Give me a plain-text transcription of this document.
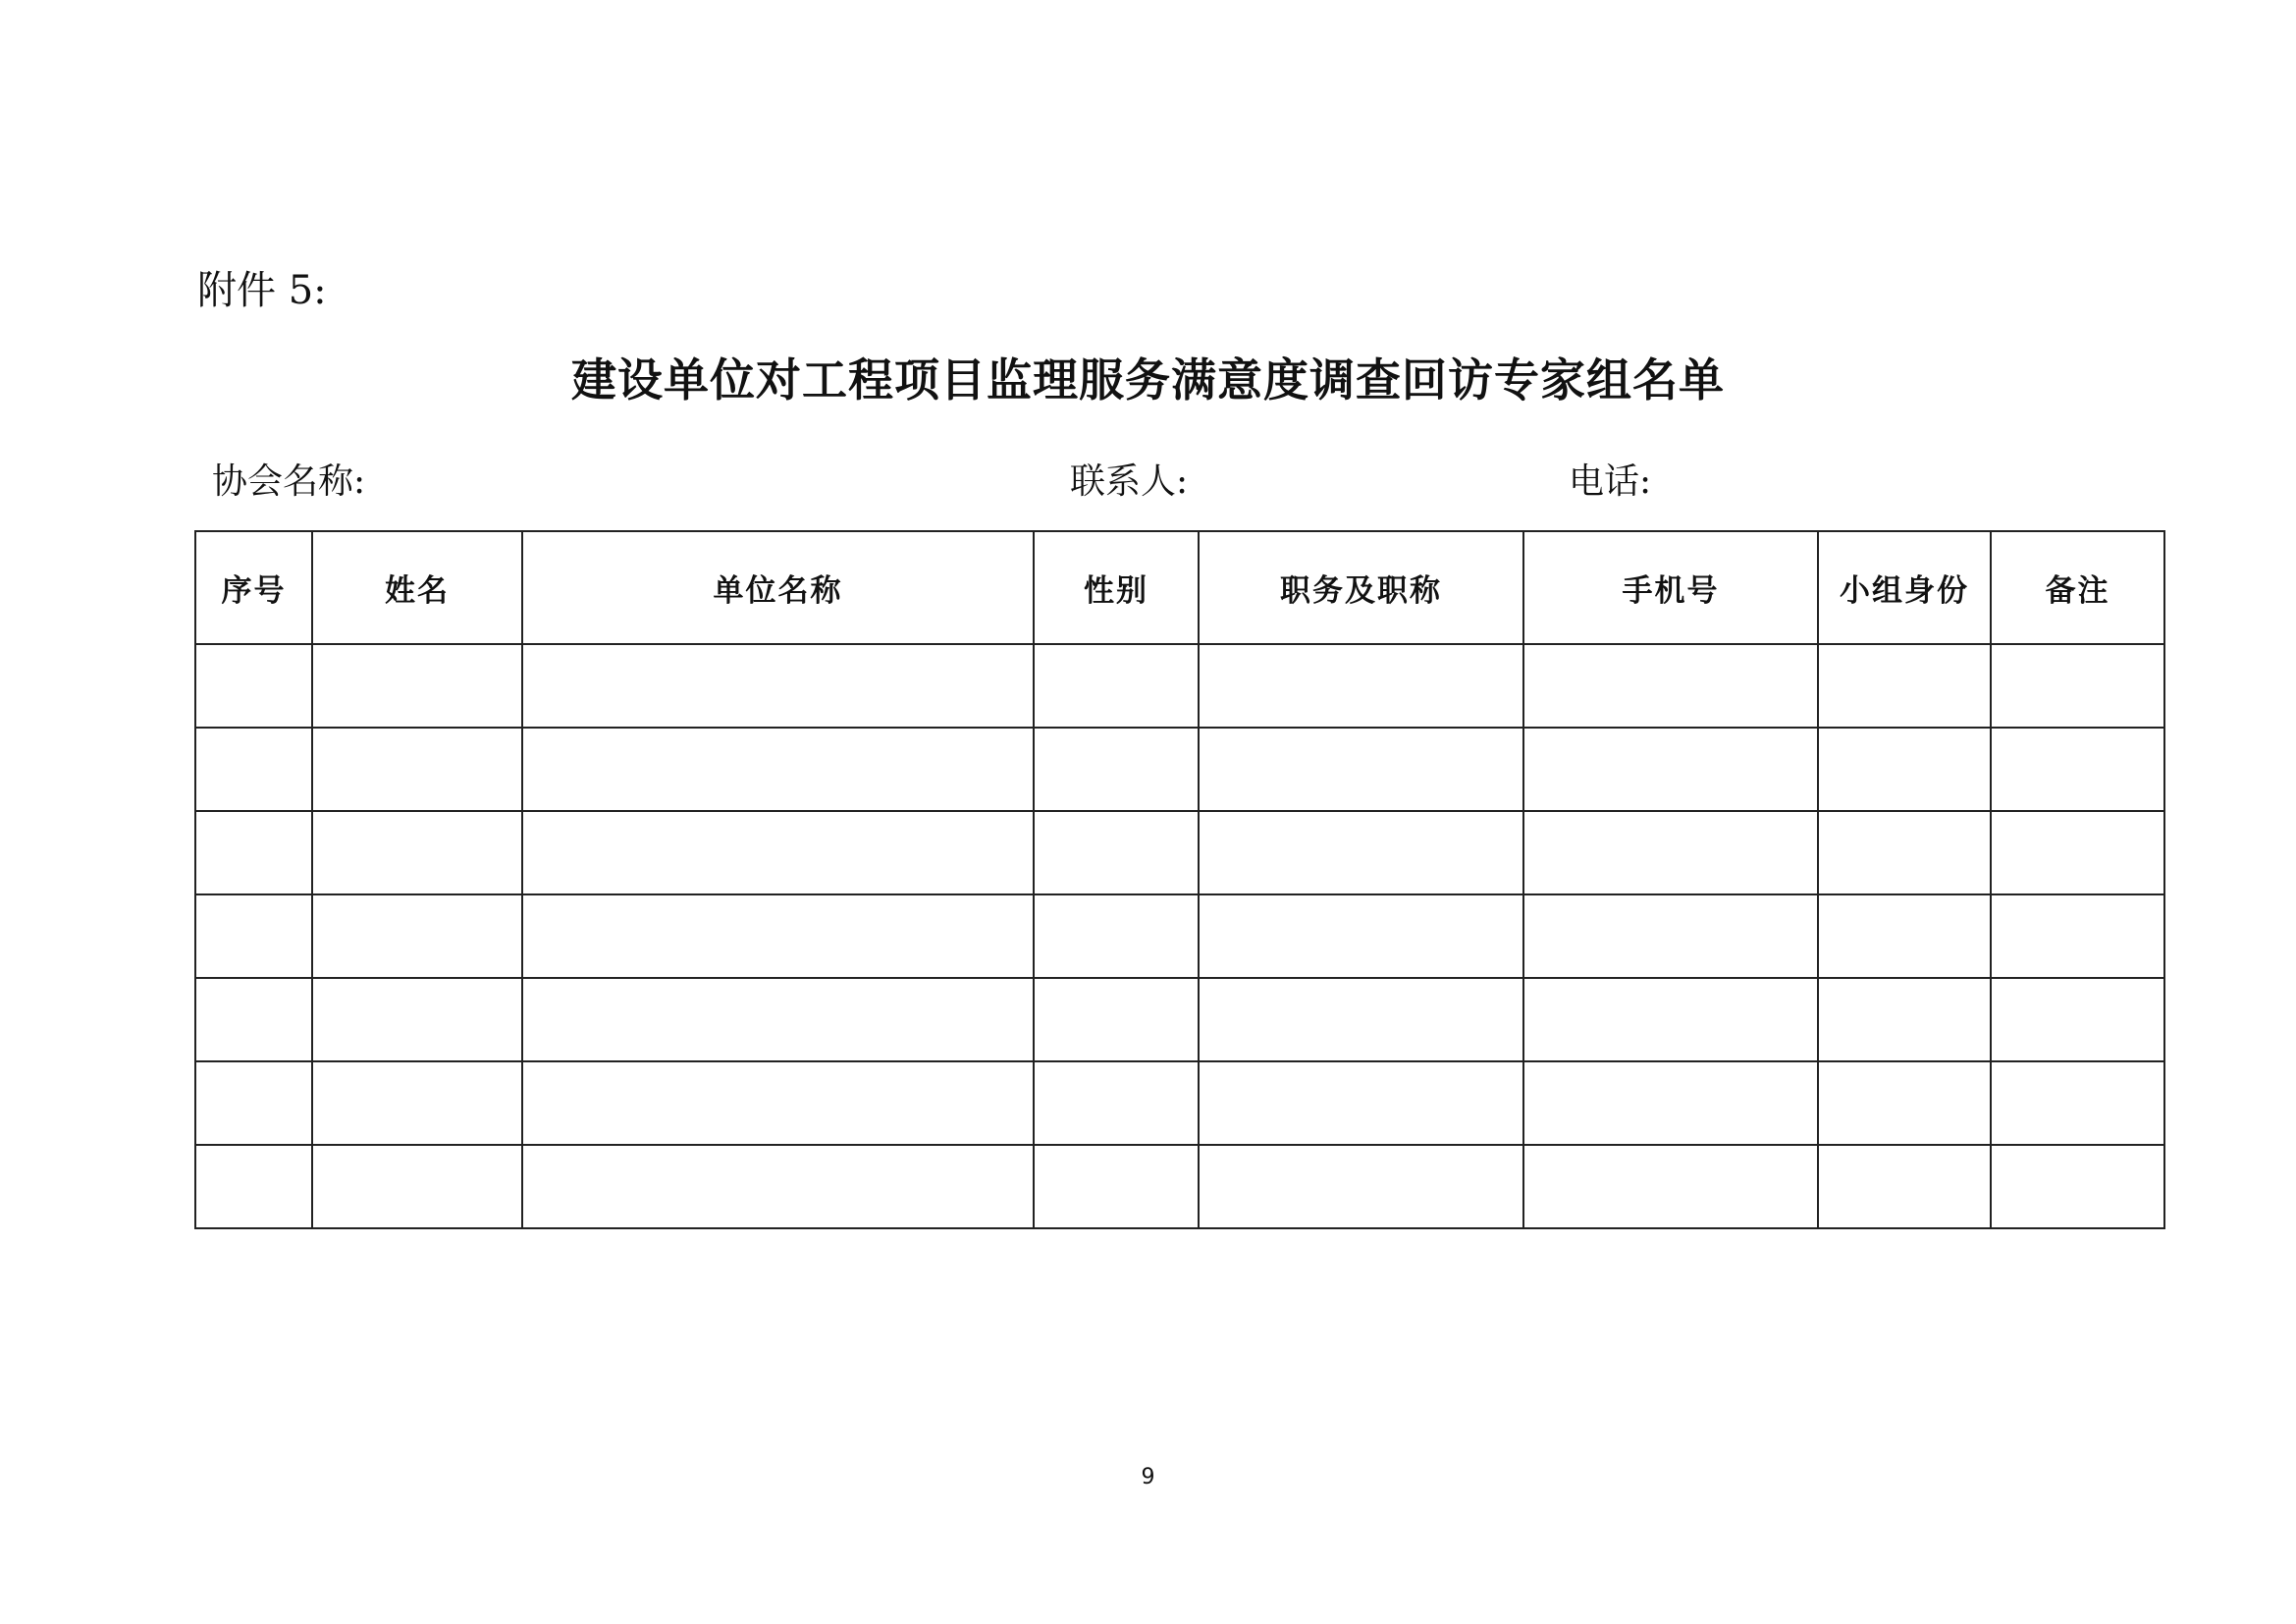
附件 5:
建设单位对工程项目监理服务满意度调查回访专家组名单
协会名称:	联系人:	电话:
序号	姓名	单位名称	性别	职务及职称	手机号	小组身份	备注

9
